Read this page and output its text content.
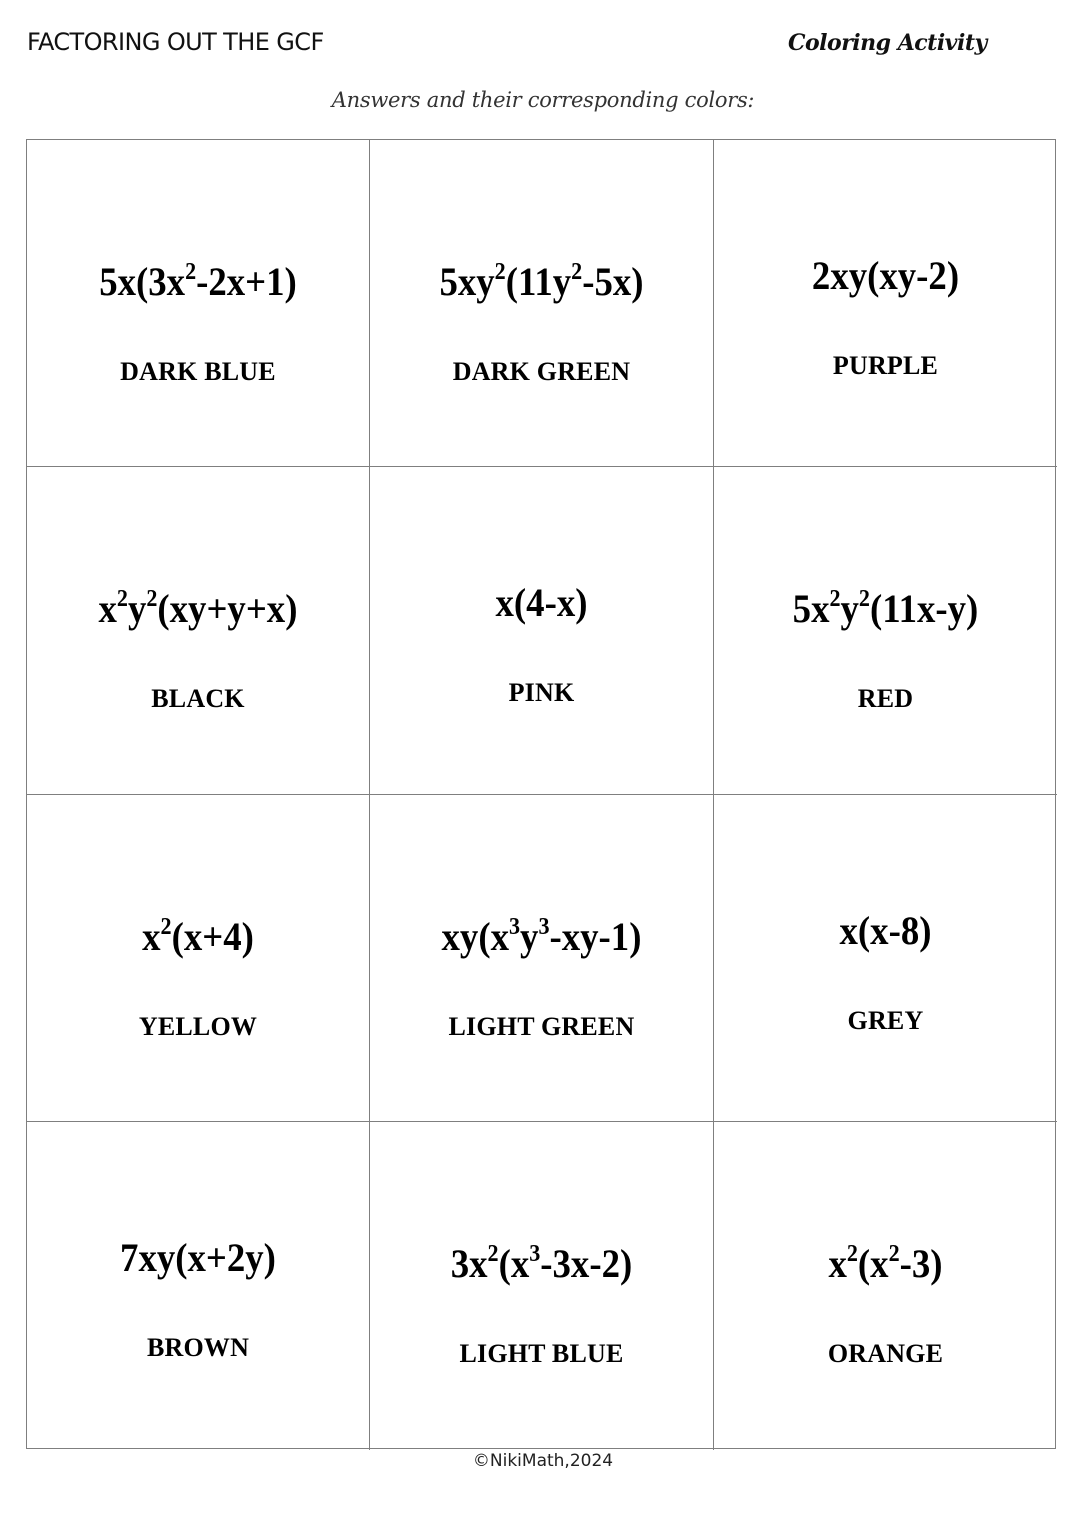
FACTORING OUT THE GCF	Coloring Activity
Answers and their corresponding colors:
$5x(3x^2-2x+1)$
DARK BLUE
$5xy^2(11y^2-5x)$
DARK GREEN
2xy(xy-2)
PURPLE
$x^2y^2(xy+y+x)$
BLACK
x(4-x)
PINK
$5x^2y^2(11x-y)$
RED
$x^2(x+4)$
YELLOW
$xy(x^3y^3-xy-1)$
LIGHT GREEN
x(x-8)
GREY
7xy(x+2y)
BROWN
$3x^2(x^3-3x-2)$
LIGHT BLUE
$x^2(x^2-3)$
ORANGE
©NikiMath,2024
